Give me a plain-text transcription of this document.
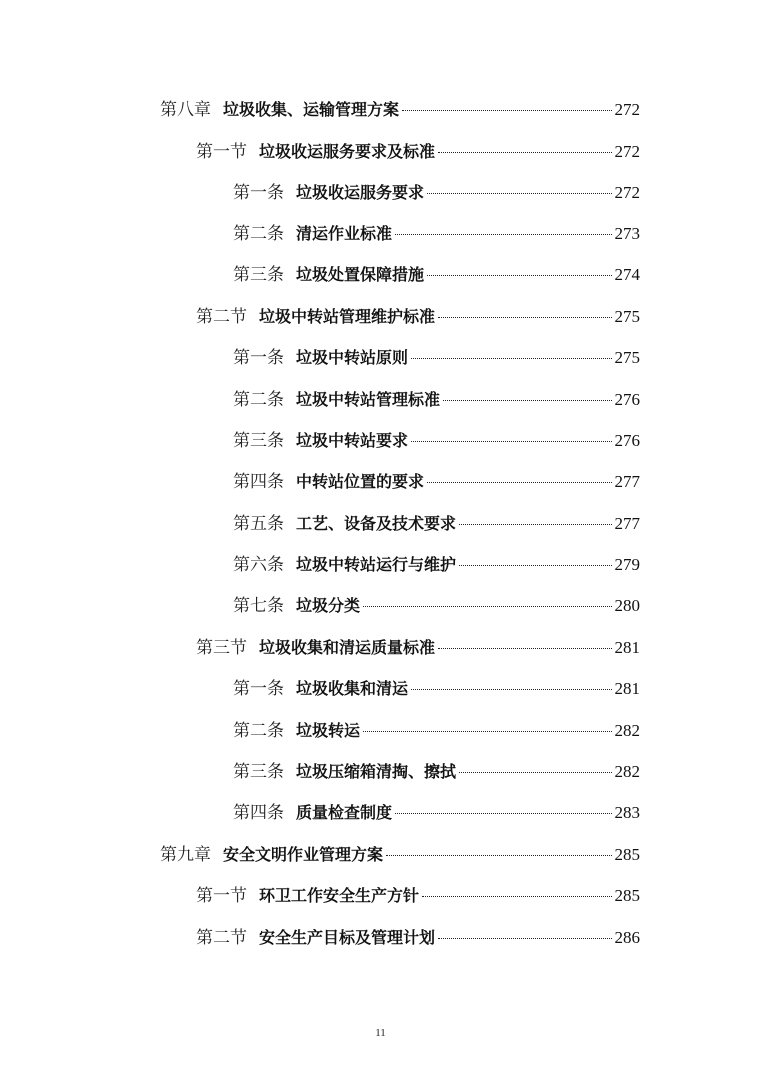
第八章 垃圾收集、运输管理方案	272
第一节 垃圾收运服务要求及标准	272
第一条 垃圾收运服务要求	272
第二条 清运作业标准	273
第三条 垃圾处置保障措施	274
第二节 垃圾中转站管理维护标准	275
第一条 垃圾中转站原则	275
第二条 垃圾中转站管理标准	276
第三条 垃圾中转站要求	276
第四条 中转站位置的要求	277
第五条 工艺、设备及技术要求	277
第六条 垃圾中转站运行与维护	279
第七条 垃圾分类	280
第三节 垃圾收集和清运质量标准	281
第一条 垃圾收集和清运	281
第二条 垃圾转运	282
第三条 垃圾压缩箱清掏、擦拭	282
第四条 质量检查制度	283
第九章 安全文明作业管理方案	285
第一节 环卫工作安全生产方针	285
第二节 安全生产目标及管理计划	286
11
